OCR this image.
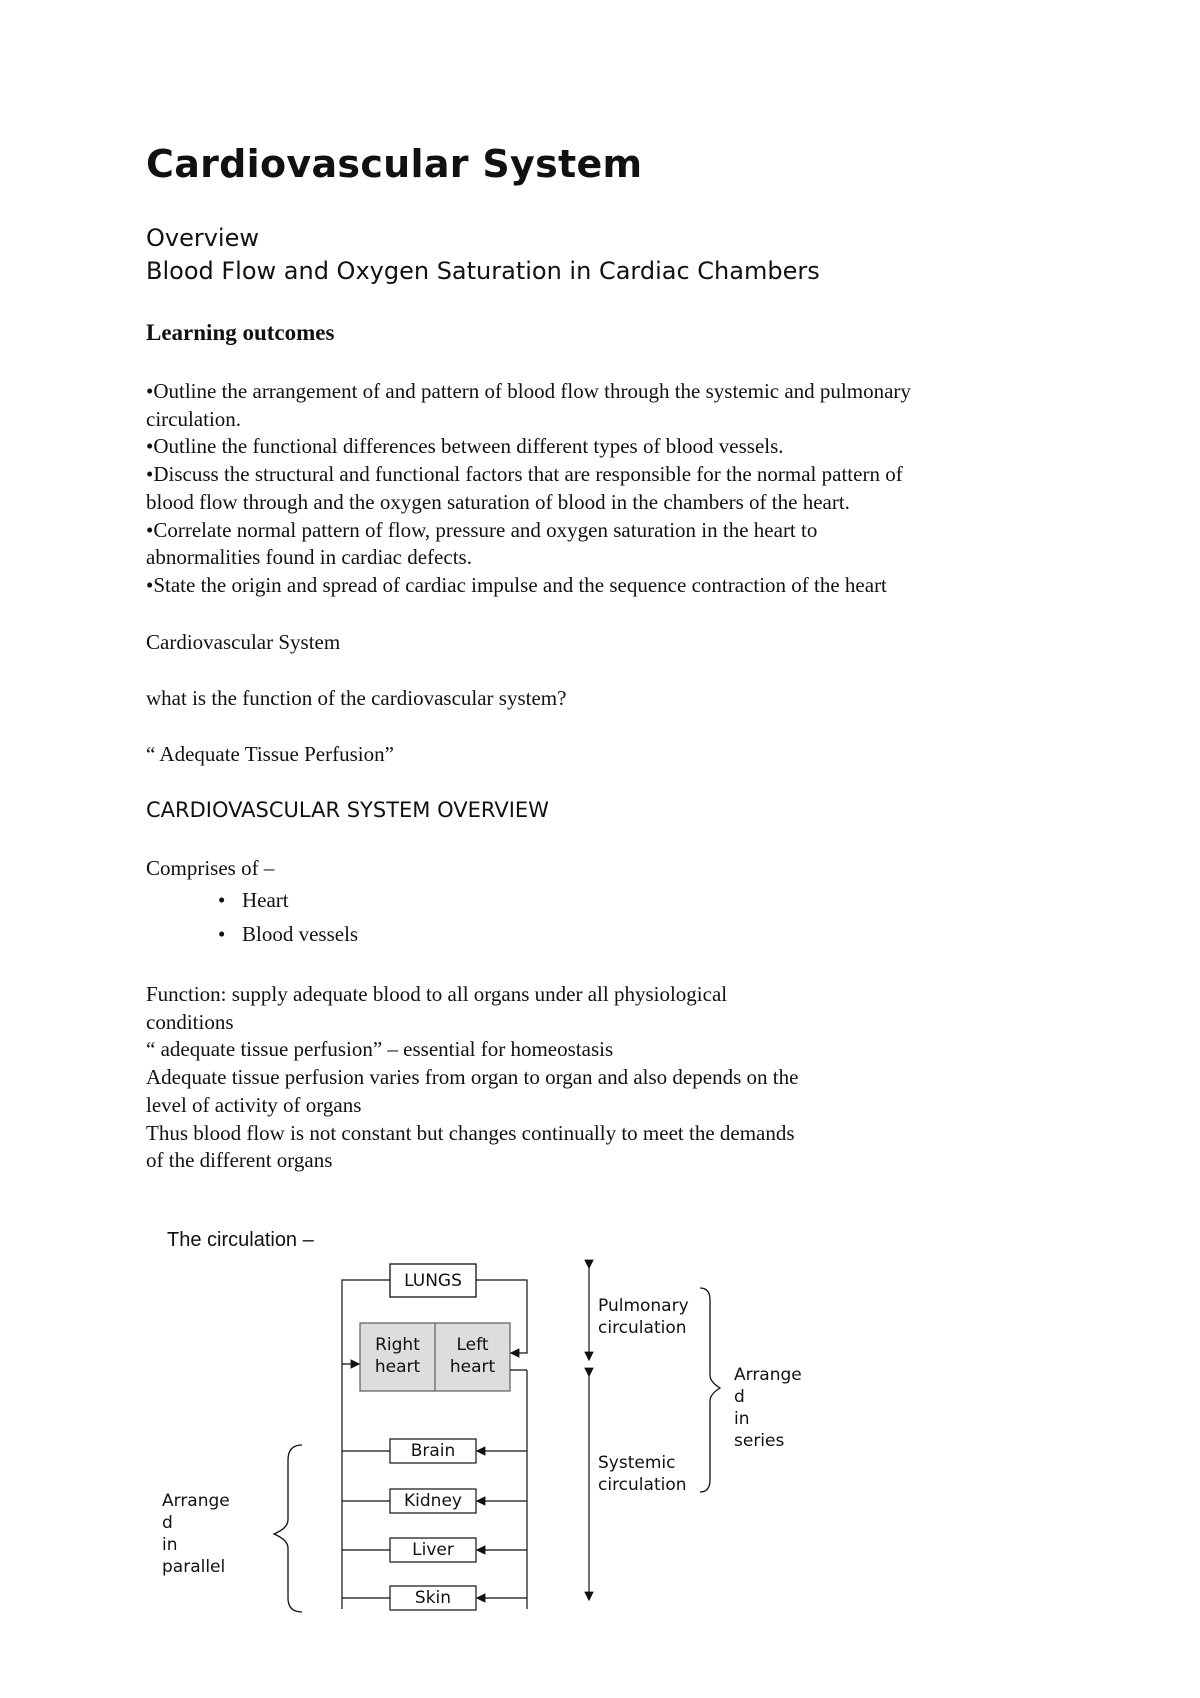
Cardiovascular System
Overview
Blood Flow and Oxygen Saturation in Cardiac Chambers
Learning outcomes

•Outline the arrangement of and pattern of blood flow through the systemic and pulmonary

circulation.

•Outline the functional differences between different types of blood vessels.

•Discuss the structural and functional factors that are responsible for the normal pattern of

blood flow through and the oxygen saturation of blood in the chambers of the heart.

•Correlate normal pattern of flow, pressure and oxygen saturation in the heart to

abnormalities found in cardiac defects.

•State the origin and spread of cardiac impulse and the sequence contraction of the heart

Cardiovascular System
what is the function of the cardiovascular system?
“ Adequate Tissue Perfusion”
CARDIOVASCULAR SYSTEM OVERVIEW
Comprises of –
• Heart
• Blood vessels

Function: supply adequate blood to all organs under all physiological

conditions

“ adequate tissue perfusion” – essential for homeostasis

Adequate tissue perfusion varies from organ to organ and also depends on the

level of activity of organs

Thus blood flow is not constant but changes continually to meet the demands

of the different organs

The circulation –

LUNGS
Right
heart
Left
heart
Brain
Kidney
Liver
Skin
Pulmonary
circulation
Systemic
circulation
Arrange
d
in
series
Arrange
d
in
parallel
